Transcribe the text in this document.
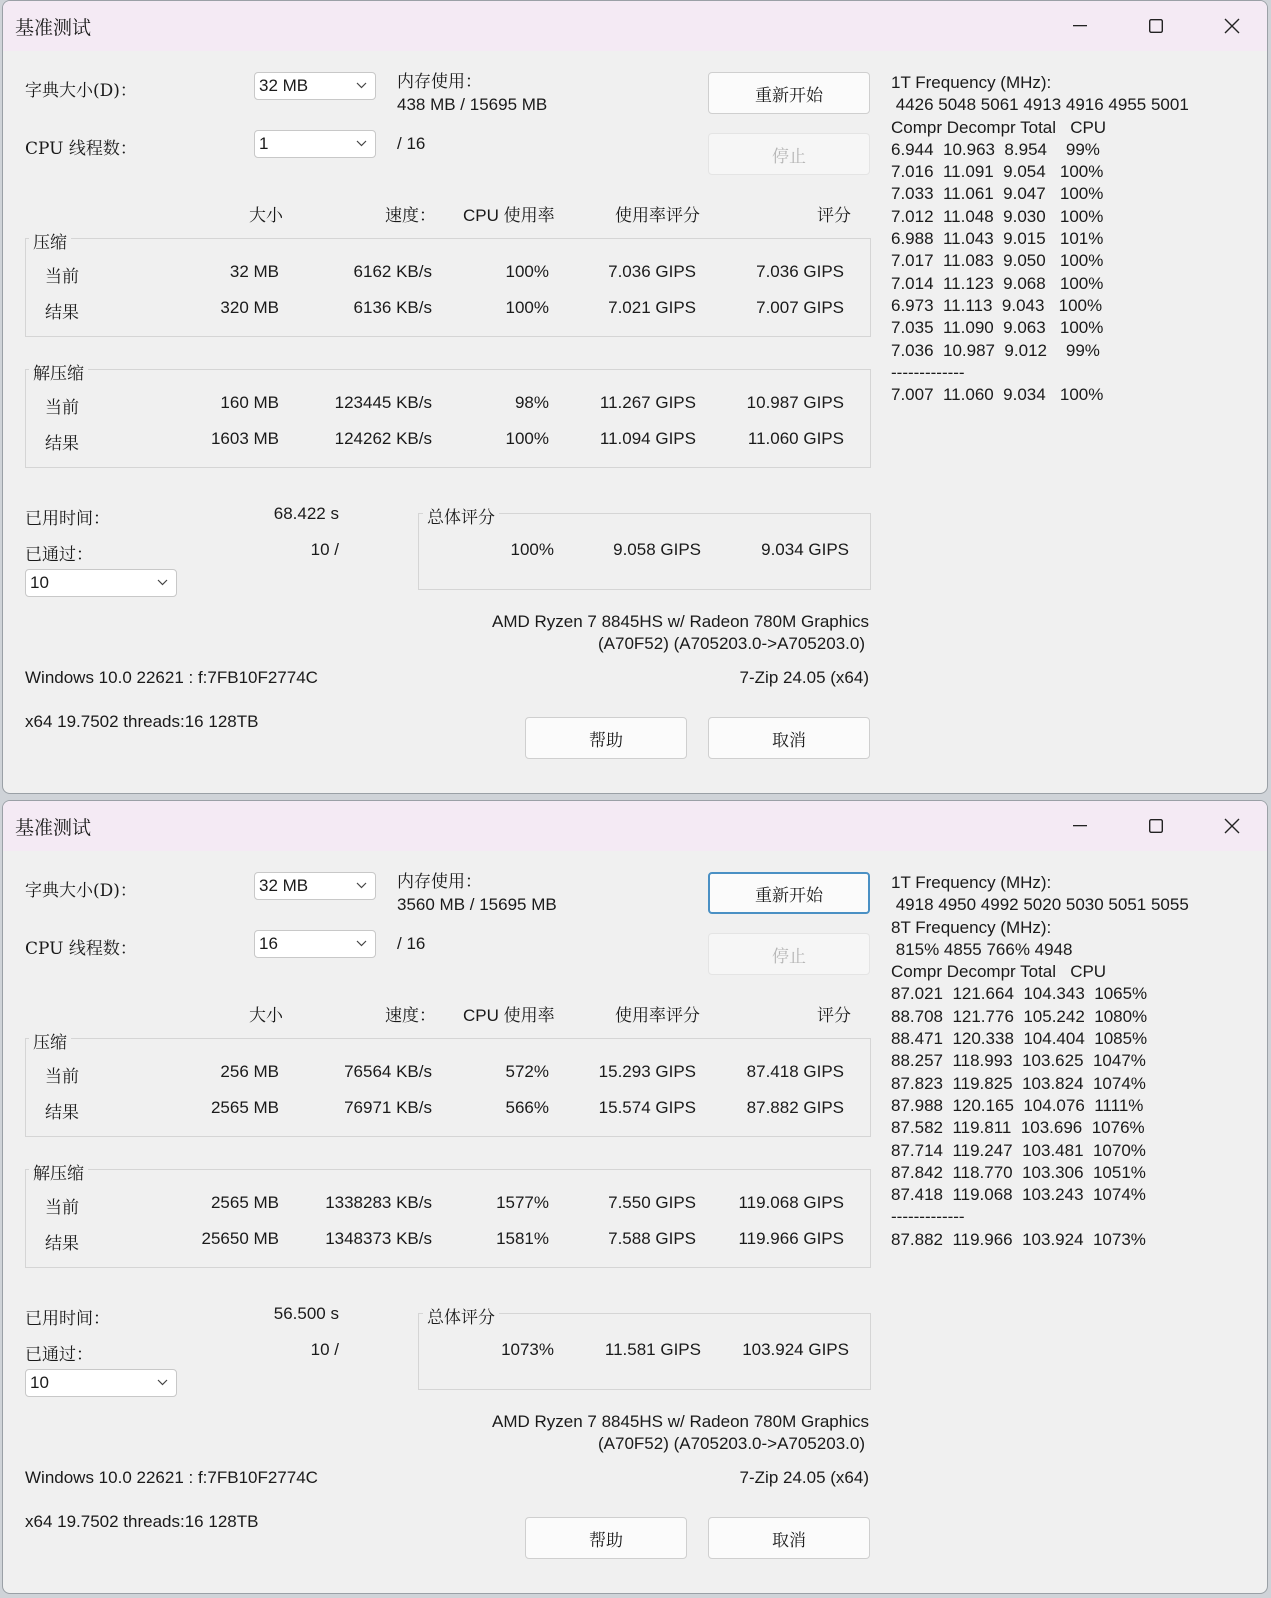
基准测试
字典大小(D)：	32 MB
CPU 线程数：	1	/ 16
内存使用：
438 MB / 15695 MB	重新开始
停止
大小	速度： CPU 使用率	使用率评分	评分
压缩
当前
结果
32 MB	6162 KB/s	100%	7.036 GIPS	7.036 GIPS
320 MB	6136 KB/s	100%	7.021 GIPS	7.007 GIPS
解压缩
当前
结果
160 MB	123445 KB/s	98%	11.267 GIPS	10.987 GIPS
1603 MB	124262 KB/s	100%	11.094 GIPS	11.060 GIPS
已用时间：	68.422 s
已通过：	10 /
10
总体评分
100%	9.058 GIPS	9.034 GIPS
AMD Ryzen 7 8845HS w/ Radeon 780M Graphics
(A70F52) (A705203.0->A705203.0)
Windows 10.0 22621 : f:7FB10F2774C	7-Zip 24.05 (x64)
x64 19.7502 threads:16 128TB
帮助	取消
1T Frequency (MHz):
4426 5048 5061 4913 4916 4955 5001
Compr Decompr Total   CPU
6.944  10.963  8.954    99%
7.016  11.091  9.054   100%
7.033  11.061  9.047   100%
7.012  11.048  9.030   100%
6.988  11.043  9.015   101%
7.017  11.083  9.050   100%
7.014  11.123  9.068   100%
6.973  11.113  9.043   100%
7.035  11.090  9.063   100%
7.036  10.987  9.012    99%
-------------
7.007  11.060  9.034   100%
基准测试
字典大小(D)：	32 MB
CPU 线程数：	16	/ 16
内存使用：
3560 MB / 15695 MB	重新开始
停止
大小	速度： CPU 使用率	使用率评分	评分
压缩
当前
结果
256 MB	76564 KB/s	572%	15.293 GIPS	87.418 GIPS
2565 MB	76971 KB/s	566%	15.574 GIPS	87.882 GIPS
解压缩
当前
结果
2565 MB	1338283 KB/s	1577%	7.550 GIPS 119.068 GIPS
25650 MB	1348373 KB/s	1581%	7.588 GIPS 119.966 GIPS
已用时间：	56.500 s
已通过：	10 /
10
总体评分
1073%	11.581 GIPS 103.924 GIPS
AMD Ryzen 7 8845HS w/ Radeon 780M Graphics
(A70F52) (A705203.0->A705203.0)
Windows 10.0 22621 : f:7FB10F2774C	7-Zip 24.05 (x64)
x64 19.7502 threads:16 128TB
帮助	取消
1T Frequency (MHz):
4918 4950 4992 5020 5030 5051 5055
8T Frequency (MHz):
815% 4855 766% 4948
Compr Decompr Total   CPU
87.021  121.664  104.343  1065%
88.708  121.776  105.242  1080%
88.471  120.338  104.404  1085%
88.257  118.993  103.625  1047%
87.823  119.825  103.824  1074%
87.988  120.165  104.076  1111%
87.582  119.811  103.696  1076%
87.714  119.247  103.481  1070%
87.842  118.770  103.306  1051%
87.418  119.068  103.243  1074%
-------------
87.882  119.966  103.924  1073%
